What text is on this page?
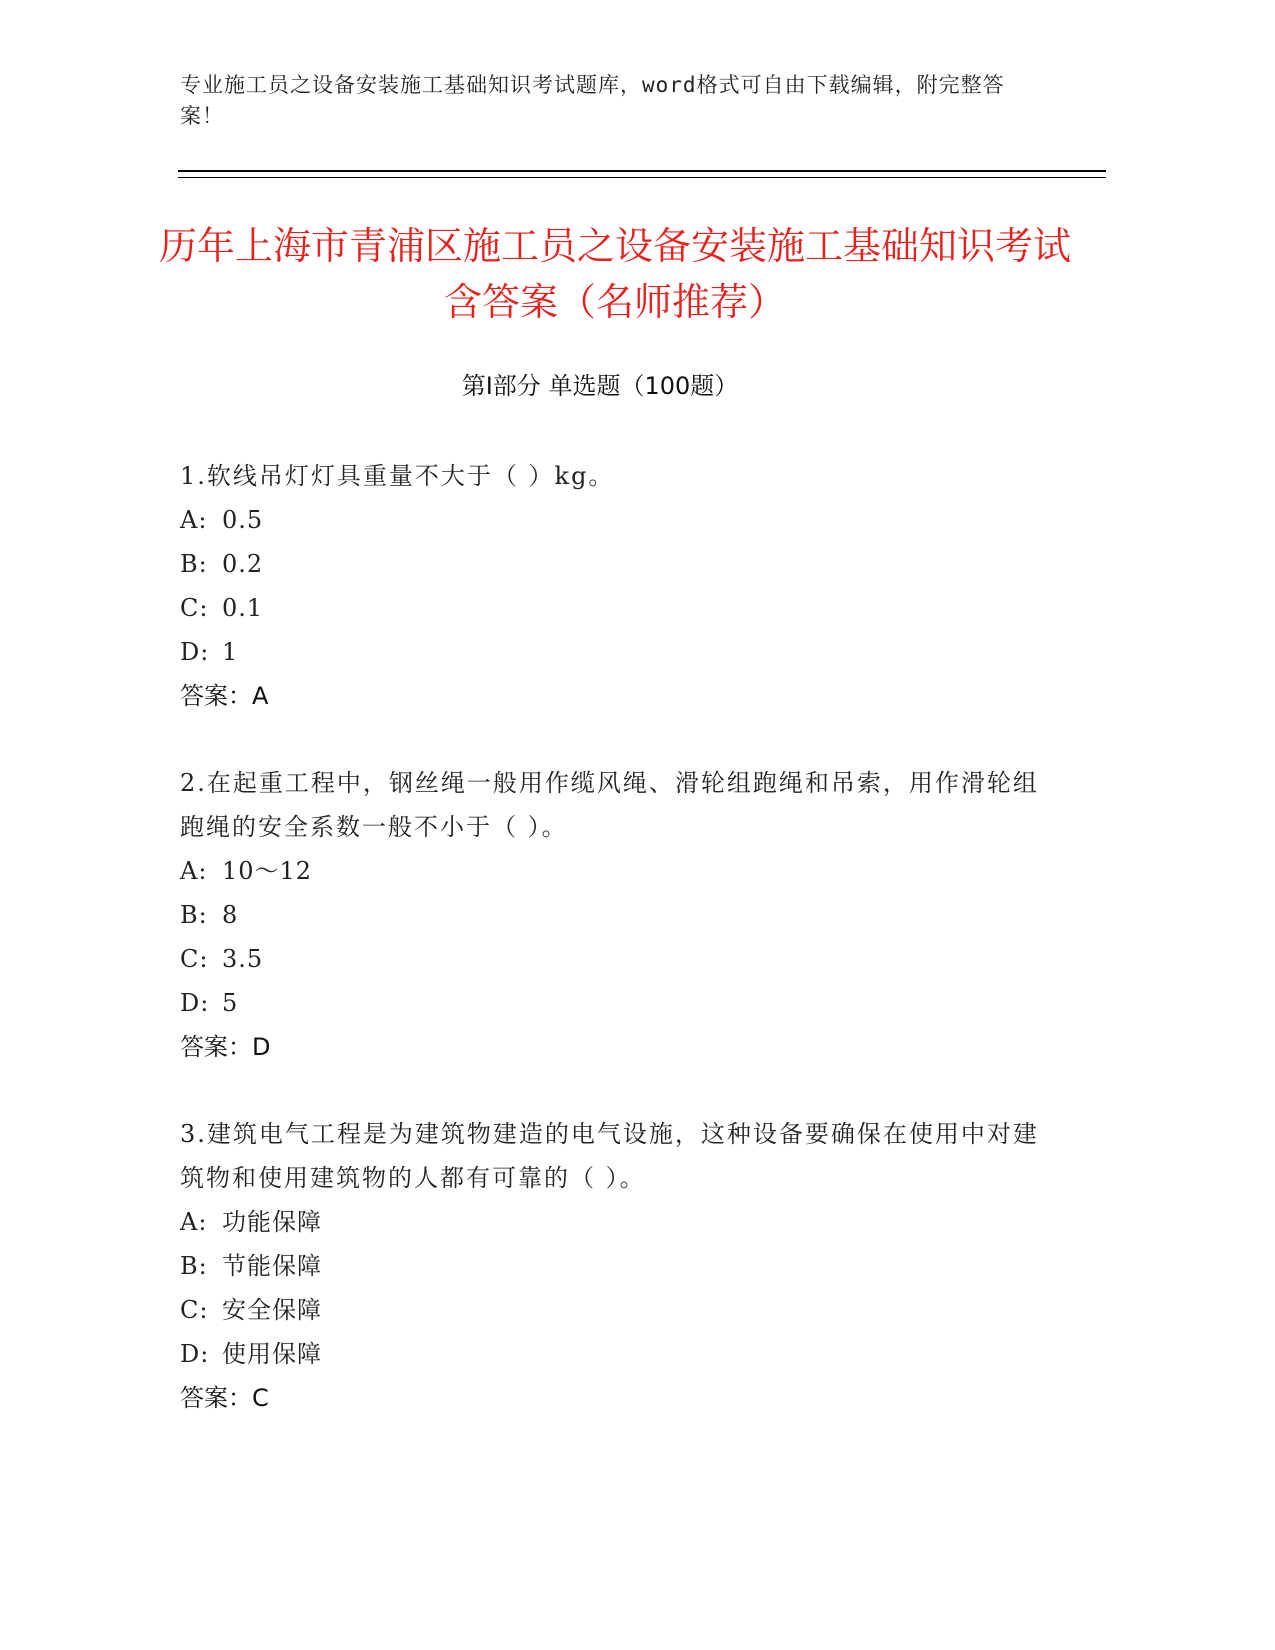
专业施工员之设备安装施工基础知识考试题库，word格式可自由下载编辑，附完整答案！
历年上海市青浦区施工员之设备安装施工基础知识考试含答案（名师推荐）
第Ⅰ部分 单选题（100题）
1.软线吊灯灯具重量不大于（ ）kg。
A: 0.5
B: 0.2
C: 0.1
D: 1
答案：A
2.在起重工程中，钢丝绳一般用作缆风绳、滑轮组跑绳和吊索，用作滑轮组跑绳的安全系数一般不小于（ ）。
A: 10～12
B: 8
C: 3.5
D: 5
答案：D
3.建筑电气工程是为建筑物建造的电气设施，这种设备要确保在使用中对建筑物和使用建筑物的人都有可靠的（ ）。
A: 功能保障
B: 节能保障
C: 安全保障
D: 使用保障
答案：C
